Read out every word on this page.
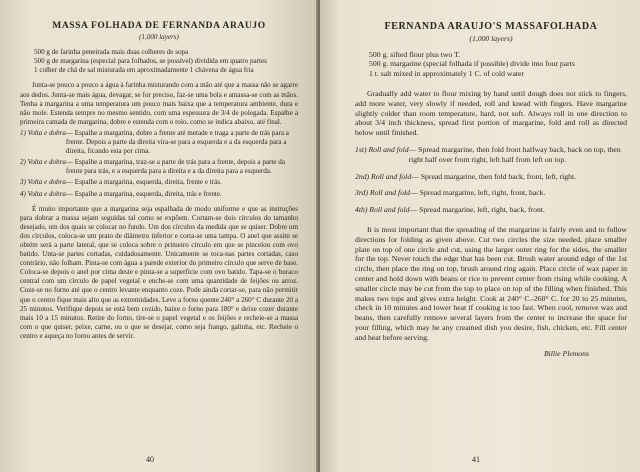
MASSA FOLHADA DE FERNANDA ARAUJO
(1,000 layers)
500 g de farinha peneirada mais duas colheres de sopa
500 g de margarina (especial para folhados, se possível) dividida em quatro partes
1 colher de chá de sal misturada em aproximadamente 1 chávena de água fria

Junta-se pouco a pouco a água à farinha misturando com a mão até que a massa não se agarre aos dedos. Junta-se mais água, devagar, se for preciso, faz-se uma bola e amassa-se com as mãos. Tenha a margarina a uma temperatura um pouco mais baixa que a temperatura ambiente, dura e não mole. Estenda sempre no mesmo sentido, com uma espessura de 3/4 de polegada. Espalhe a primeira camada de margarina, dobre e estenda com o rolo, como se indica abaixo, até final.

1) Volta e dobra — Espalhe a margarina, dobre a frente até metade e traga a parte de trás para a frente. Depois a parte da direita vira-se para a esquerda e a da esquerda para a direita, ficando esta por cima.
2) Volta e dobra — Espalhe a margarina, traz-se a parte de trás para a frente, depois a parte da frente para trás, e a esquerda para a direita e a da direita para a esquerda.
3) Volta e dobra — Espalhe a margarina, esquerda, direita, frente e trás.
4) Volta e dobra — Espalhe a margarina, esquerda, direita, trás e frente.

É muito importante que a margarina seja espalhada de modo uniforme e que as instruções para dobrar a massa sejam seguidas tal como se expõem. Cortam-se dois círculos do tamanho desejado, um dos quais se colocar no fundo. Um dos círculos da medida que se quiser. Dobre um dos círculos, coloca-se um prato de diâmetro inferior e corta-se uma tampa. O anel que assim se obtém será a parte lateral, que se coloca sobre o primeiro círculo em que se pincelou com ovo batido. Unta-se partes cortadas, cuidadosamente. Unicamente se toca-nas partes cortadas, caso contrário, não folham. Pinta-se com água a parede exterior do primeiro círculo que serve de base. Coloca-se depois o anel por cima deste e pinta-se a superfície com ovo batido. Tapa-se o buraco central com um círculo de papel vegetal e enche-se com uma quantidade de feijões ou arroz. Coze-se no forno até que o centro levante enquanto coze. Pode ainda cortar-se, para não permitir que o centro fique mais alto que as extremidades. Leve a forno quente 240° a 260° C durante 20 a 25 minutos. Verifique depois se está bem cozido, baixe o forno para 180° e deixe cozer durante mais 10 a 15 minutos. Retire do forno, tire-se o papel vegetal e os feijões e recheie-se a massa com o que quiser, peixe, carne, ou o que se desejar, como seja frango, galinha, etc. Recheie o centro e aqueça no forno antes de servir.

40
FERNANDA ARAUJO'S MASSAFOLHADA
(1,000 layers)
500 g. sifted flour plus two T.
500 g. margarine (special folhada if possible) divide into four parts
1 t. salt mixed in approximately 1 C. of cold water

Gradually add water to flour mixing by hand until dough does not stick to fingers, add more water, very slowly if needed, roll and knead with fingers. Have margarine slightly colder than room temperature, hard, not soft. Always roll in one direction to about 3/4 inch thickness, spread first portion of margarine, fold and roll as directed below until finished.

1st) Roll and fold — Spread margarine, then fold front halfway back, back on top, then right half over from right, left half from left on top.
2nd) Roll and fold — Spread margarine, then fold back, front, left, right.
3rd) Roll and fold — Spread margarine, left, right, front, back.
4th) Roll and fold — Spread margarine, left, right, back, front.

It is most important that the spreading of the margarine is fairly even and to follow directions for folding as given above. Cut two circles the size needed, place smaller plate on top of one circle and cut, using the larger outer ring for the sides, the smaller for the top. Never touch the edge that has been cut. Brush water around edge of the 1st circle, then place the ring on top, brush around ring again. Place circle of wax paper in center and hold down with beans or rice to prevent center from rising while cooking. A smaller circle may be cut from the top to place on top of the filling when finished. This makes two tops and gives extra height. Cook at 240° C.-260° C. for 20 to 25 minutes, check in 10 minutes and lower heat if cooking is too fast. When cool, remove wax and beans, then carefully remove several layers from the center to increase the space for your filling, which may be any creamed dish you desire, fish, chicken, etc. Fill center and heat before serving.

Billie Plemons
41
